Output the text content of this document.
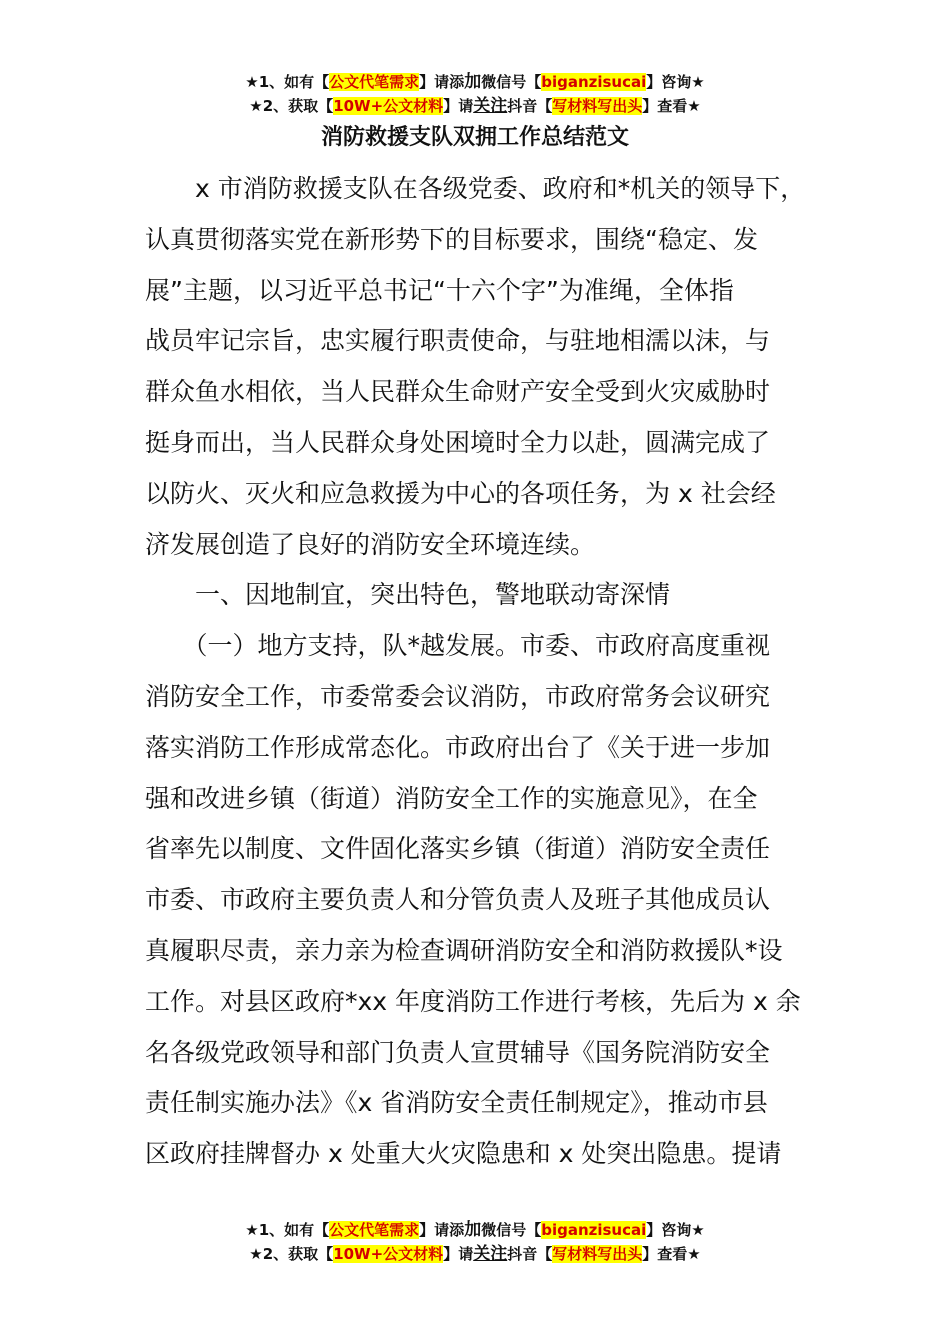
★1、如有【公文代笔需求】请添加微信号【biganzisucai】咨询★
★2、获取【10W+公文材料】请关注抖音【写材料写出头】查看★
消防救援支队双拥工作总结范文
　　x 市消防救援支队在各级党委、政府和*机关的领导下，
认真贯彻落实党在新形势下的目标要求，围绕“稳定、发
展”主题，以习近平总书记“十六个字”为准绳，全体指
战员牢记宗旨，忠实履行职责使命，与驻地相濡以沫，与
群众鱼水相依，当人民群众生命财产安全受到火灾威胁时
挺身而出，当人民群众身处困境时全力以赴，圆满完成了
以防火、灭火和应急救援为中心的各项任务，为 x 社会经
济发展创造了良好的消防安全环境连续。
　　一、因地制宜，突出特色，警地联动寄深情
　　（一）地方支持，队*越发展。市委、市政府高度重视
消防安全工作，市委常委会议消防，市政府常务会议研究
落实消防工作形成常态化。市政府出台了《关于进一步加
强和改进乡镇（街道）消防安全工作的实施意见》，在全
省率先以制度、文件固化落实乡镇（街道）消防安全责任
市委、市政府主要负责人和分管负责人及班子其他成员认
真履职尽责，亲力亲为检查调研消防安全和消防救援队*设
工作。对县区政府*xx 年度消防工作进行考核，先后为 x 余
名各级党政领导和部门负责人宣贯辅导《国务院消防安全
责任制实施办法》《x 省消防安全责任制规定》，推动市县
区政府挂牌督办 x 处重大火灾隐患和 x 处突出隐患。提请
★1、如有【公文代笔需求】请添加微信号【biganzisucai】咨询★
★2、获取【10W+公文材料】请关注抖音【写材料写出头】查看★
